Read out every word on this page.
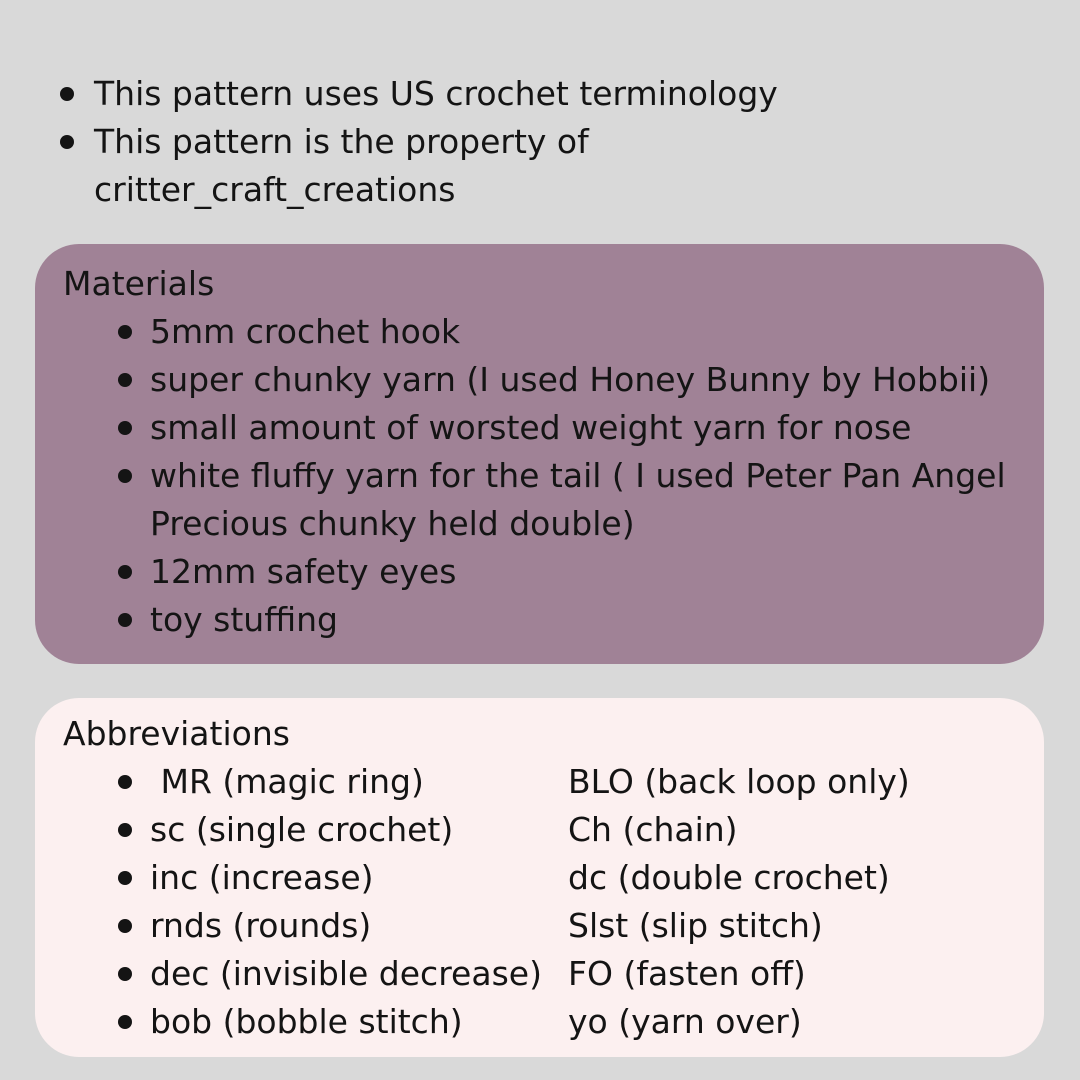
This pattern uses US crochet terminology
This pattern is the property of critter_craft_creations
Materials
5mm crochet hook
super chunky yarn (I used Honey Bunny by Hobbii)
small amount of worsted weight yarn for nose
white fluffy yarn for the tail ( I used Peter Pan Angel Precious chunky held double)
12mm safety eyes
toy stuffing
Abbreviations
MR (magic ring)
sc (single crochet)
inc (increase)
rnds (rounds)
dec (invisible decrease)
bob (bobble stitch)
BLO (back loop only)
Ch (chain)
dc (double crochet)
Slst (slip stitch)
FO (fasten off)
yo (yarn over)
